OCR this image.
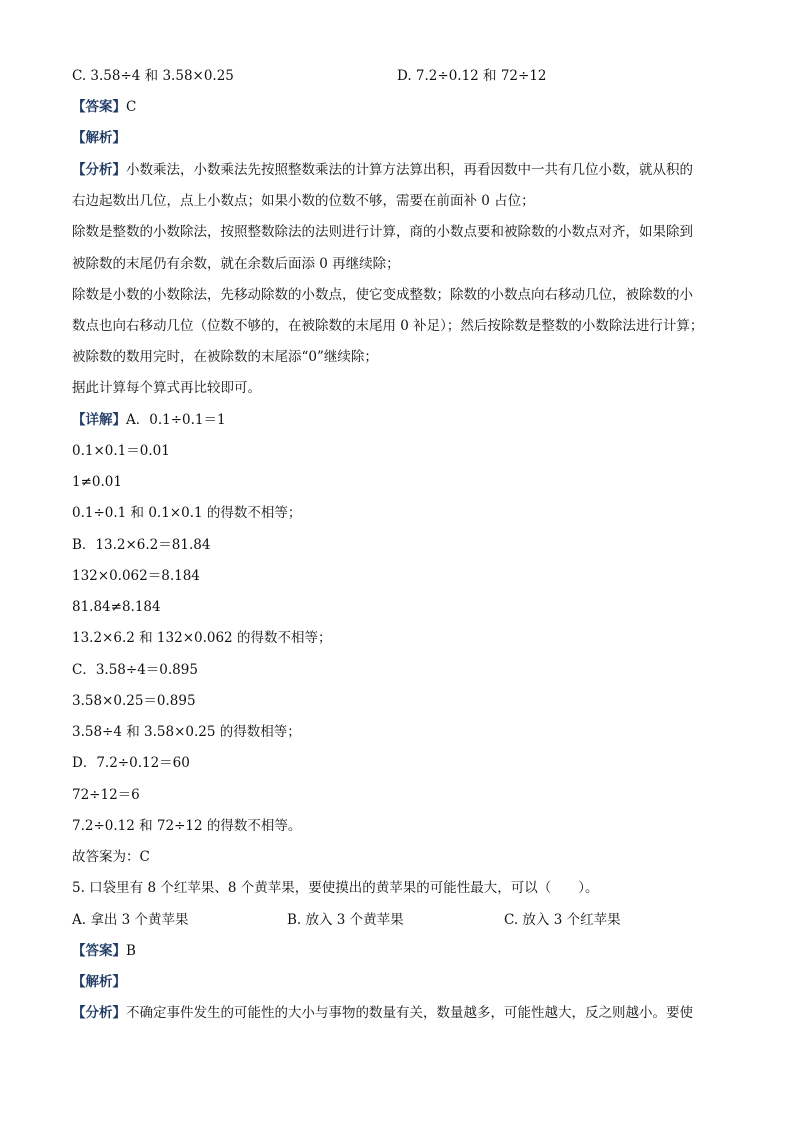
C. 3.58÷4 和 3.58×0.25	D. 7.2÷0.12 和 72÷12
【答案】C
【解析】
【分析】小数乘法，小数乘法先按照整数乘法的计算方法算出积，再看因数中一共有几位小数，就从积的
右边起数出几位，点上小数点；如果小数的位数不够，需要在前面补 0 占位；
除数是整数的小数除法，按照整数除法的法则进行计算，商的小数点要和被除数的小数点对齐，如果除到
被除数的末尾仍有余数，就在余数后面添 0 再继续除；
除数是小数的小数除法，先移动除数的小数点，使它变成整数；除数的小数点向右移动几位，被除数的小
数点也向右移动几位（位数不够的，在被除数的末尾用 0 补足）；然后按除数是整数的小数除法进行计算；
被除数的数用完时，在被除数的末尾添“0”继续除；
据此计算每个算式再比较即可。
【详解】A．0.1÷0.1＝1
0.1×0.1＝0.01
1≠0.01
0.1÷0.1 和 0.1×0.1 的得数不相等；
B．13.2×6.2＝81.84
132×0.062＝8.184
81.84≠8.184
13.2×6.2 和 132×0.062 的得数不相等；
C．3.58÷4＝0.895
3.58×0.25＝0.895
3.58÷4 和 3.58×0.25 的得数相等；
D．7.2÷0.12＝60
72÷12＝6
7.2÷0.12 和 72÷12 的得数不相等。
故答案为：C
5. 口袋里有 8 个红苹果、8 个黄苹果，要使摸出的黄苹果的可能性最大，可以（　　）。
A. 拿出 3 个黄苹果	B. 放入 3 个黄苹果	C. 放入 3 个红苹果
【答案】B
【解析】
【分析】不确定事件发生的可能性的大小与事物的数量有关，数量越多，可能性越大，反之则越小。要使
